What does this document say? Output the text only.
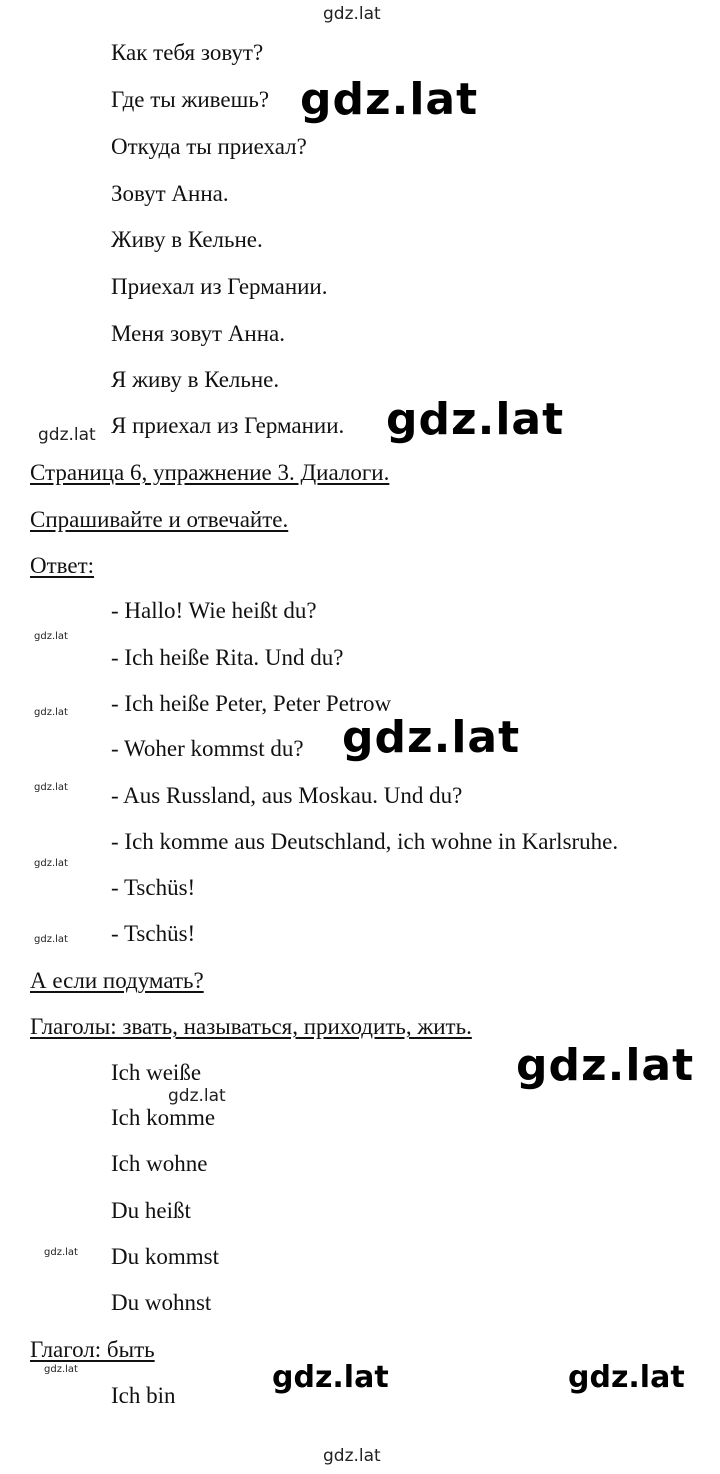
Как тебя зовут?
Где ты живешь?
Откуда ты приехал?
Зовут Анна.
Живу в Кельне.
Приехал из Германии.
Меня зовут Анна.
Я живу в Кельне.
Я приехал из Германии.
Страница 6, упражнение 3. Диалоги.
Спрашивайте и отвечайте.
Ответ:
- Hallo! Wie heißt du?
- Ich heiße Rita. Und du?
- Ich heiße Peter, Peter Petrow
- Woher kommst du?
- Aus Russland, aus Moskau. Und du?
- Ich komme aus Deutschland, ich wohne in Karlsruhe.
- Tschüs!
- Tschüs!
А если подумать?
Глаголы: звать, называться, приходить, жить.
Ich weiße
Ich komme
Ich wohne
Du heißt
Du kommst
Du wohnst
Глагол: быть
Ich bin
gdz.lat
gdz.lat
gdz.lat	gdz.lat
gdz.lat
gdz.lat	gdz.lat
gdz.lat
gdz.lat
gdz.lat
gdz.lat
gdz.lat
gdz.lat
gdz.lat	gdz.lat	gdz.lat
gdz.lat
